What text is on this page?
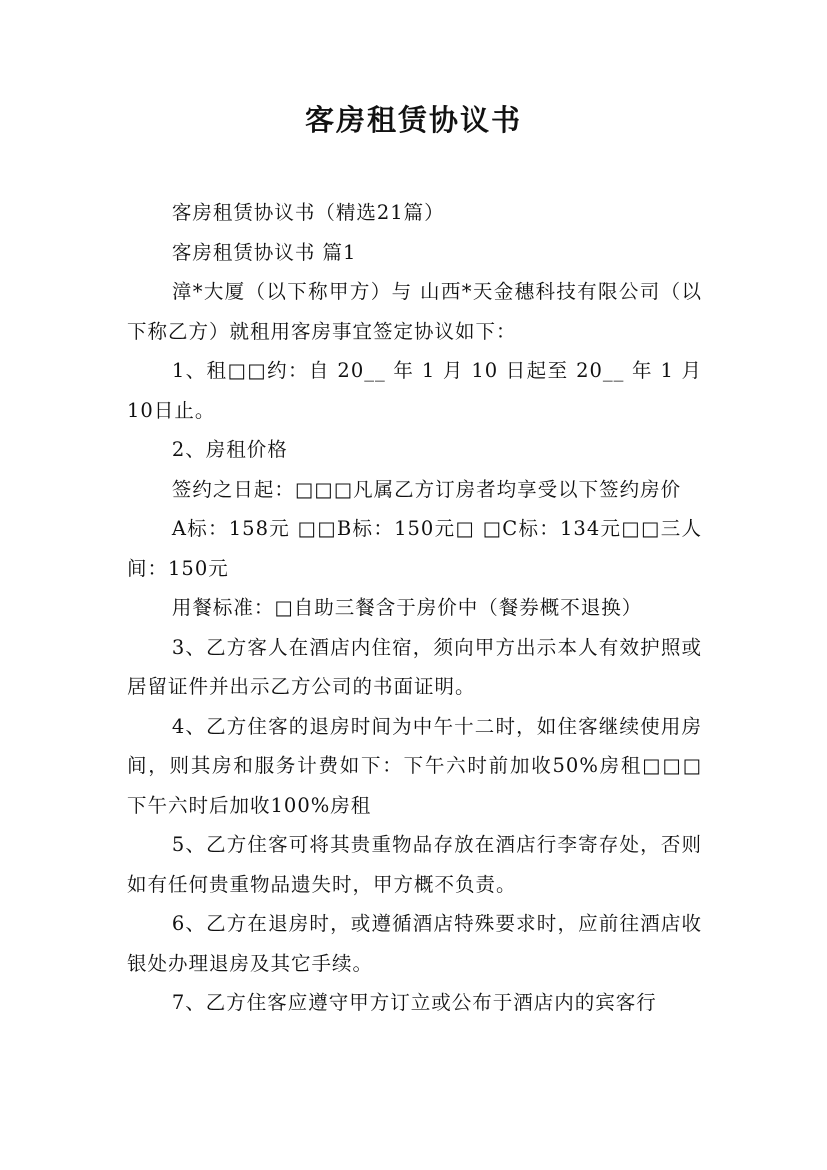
客房租赁协议书

客房租赁协议书（精选21篇）

客房租赁协议书 篇1

漳*大厦（以下称甲方）与 山西*天金穗科技有限公司（以下称乙方）就租用客房事宜签定协议如下：

1、租□□约：自 20__ 年 1 月 10 日起至 20__ 年 1 月 10日止。

2、房租价格

签约之日起：□□□凡属乙方订房者均享受以下签约房价

A标：158元 □□B标：150元□ □C标：134元□□三人间：150元

用餐标准：□自助三餐含于房价中（餐券概不退换）

3、乙方客人在酒店内住宿，须向甲方出示本人有效护照或居留证件并出示乙方公司的书面证明。

4、乙方住客的退房时间为中午十二时，如住客继续使用房间，则其房和服务计费如下：下午六时前加收50%房租□□□下午六时后加收100%房租

5、乙方住客可将其贵重物品存放在酒店行李寄存处，否则如有任何贵重物品遗失时，甲方概不负责。

6、乙方在退房时，或遵循酒店特殊要求时，应前往酒店收银处办理退房及其它手续。

7、乙方住客应遵守甲方订立或公布于酒店内的宾客行
